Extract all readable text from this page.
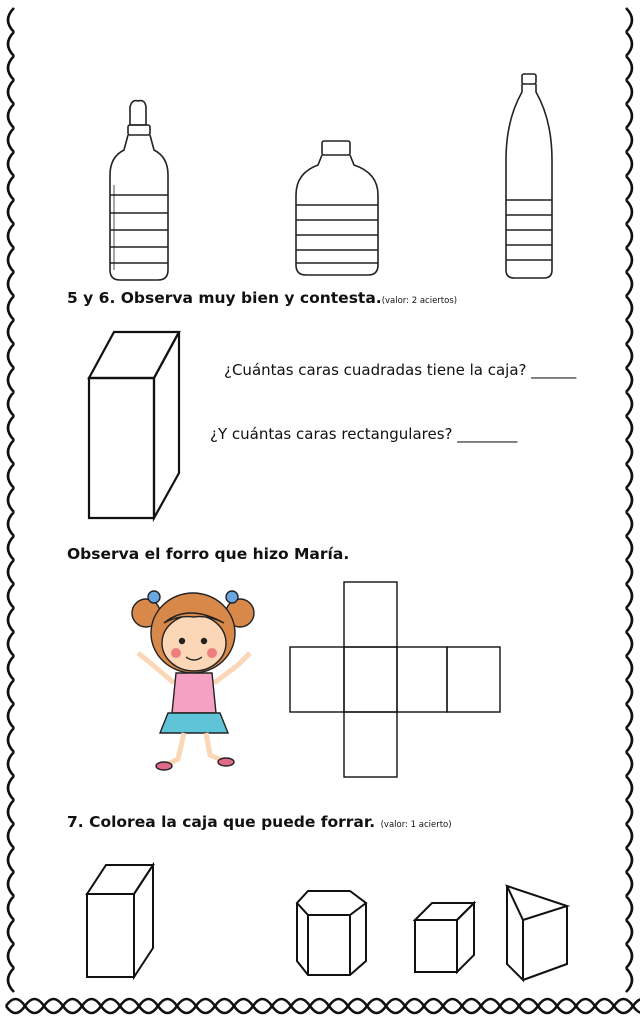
5 y 6. Observa muy bien y contesta.(valor: 2 aciertos)
¿Cuántas caras cuadradas tiene la caja? ______
¿Y cuántas caras rectangulares? ________
Observa el forro que hizo María.
7. Colorea la caja que puede forrar. (valor: 1 acierto)
